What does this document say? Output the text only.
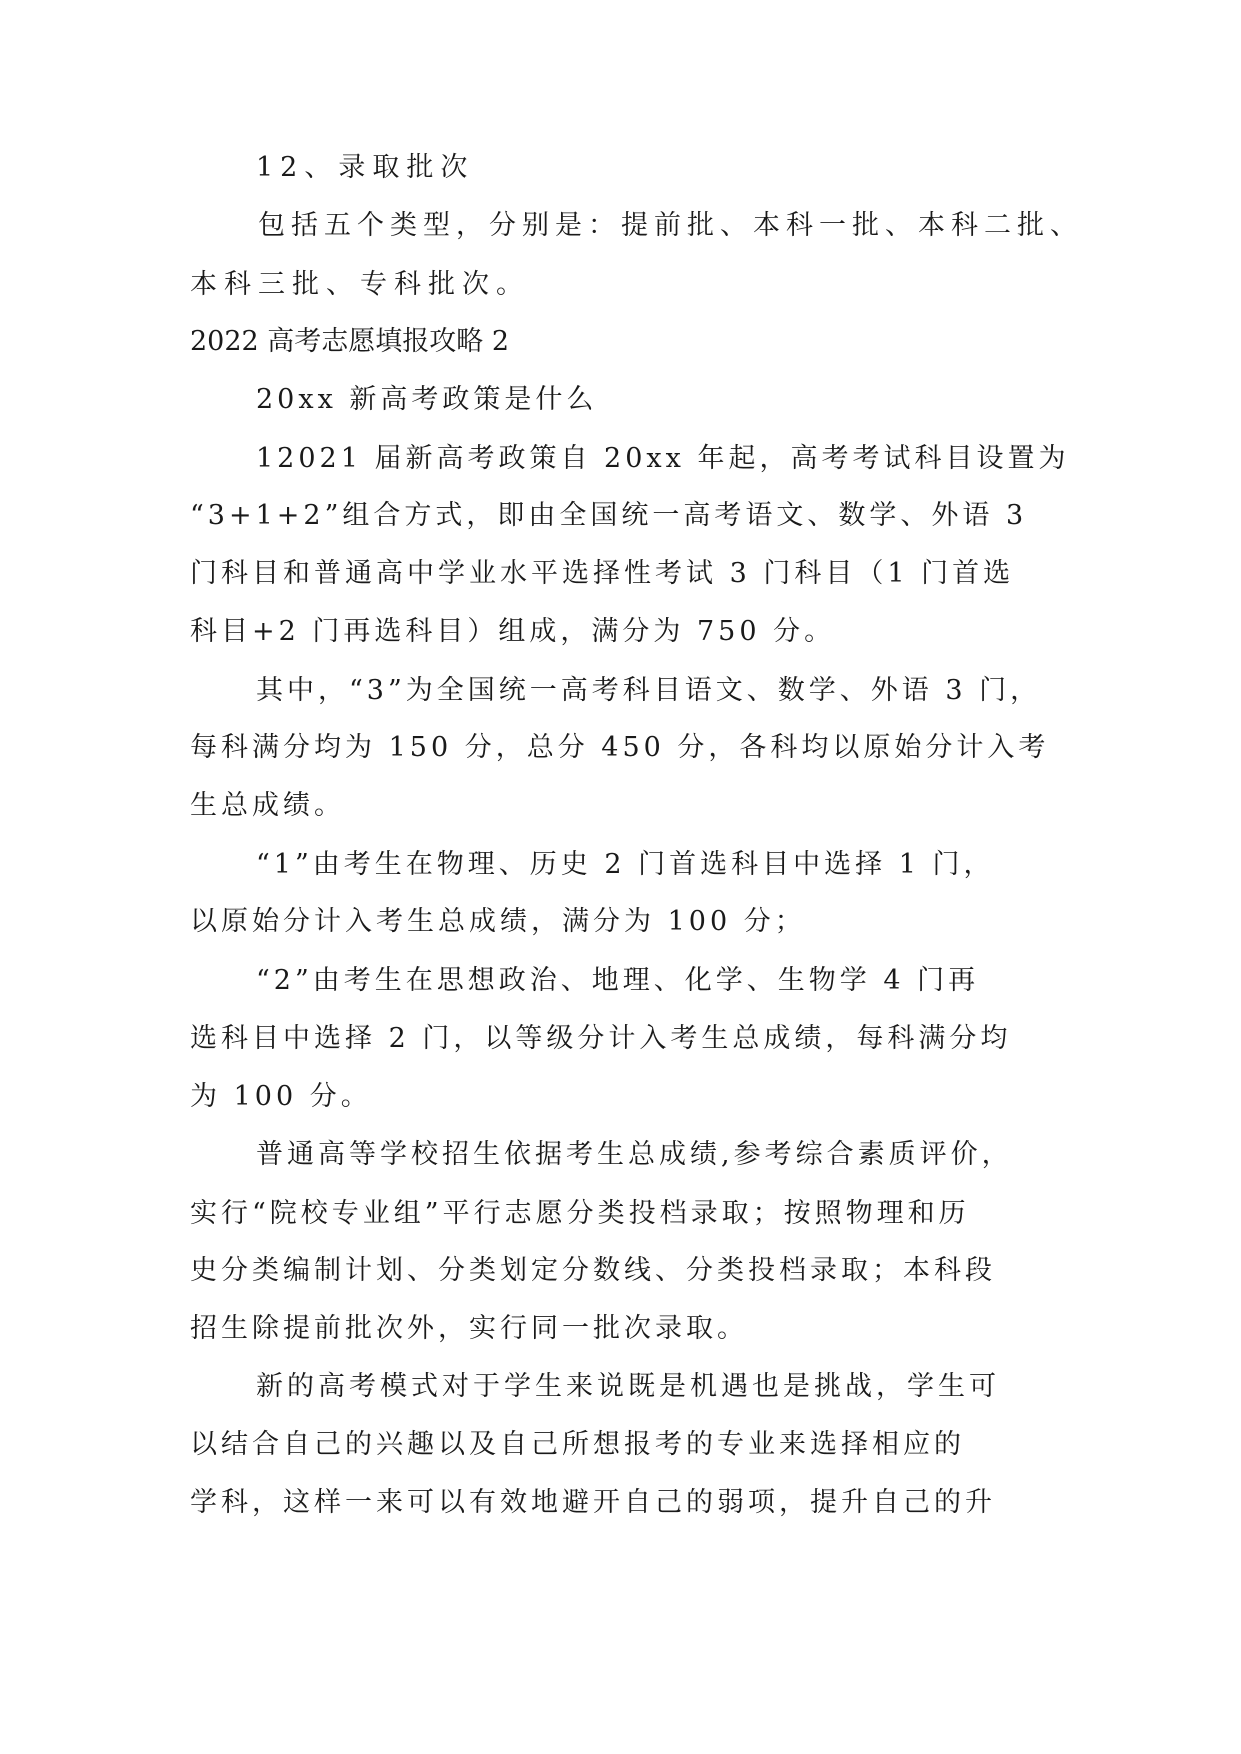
12、录取批次
包括五个类型，分别是：提前批、本科一批、本科二批、
本科三批、专科批次。
2022 高考志愿填报攻略 2
20xx 新高考政策是什么
12021 届新高考政策自 20xx 年起，高考考试科目设置为
“3+1+2”组合方式，即由全国统一高考语文、数学、外语 3
门科目和普通高中学业水平选择性考试 3 门科目（1 门首选
科目+2 门再选科目）组成，满分为 750 分。
其中，“3”为全国统一高考科目语文、数学、外语 3 门，
每科满分均为 150 分，总分 450 分，各科均以原始分计入考
生总成绩。
“1”由考生在物理、历史 2 门首选科目中选择 1 门，
以原始分计入考生总成绩，满分为 100 分；
“2”由考生在思想政治、地理、化学、生物学 4 门再
选科目中选择 2 门，以等级分计入考生总成绩，每科满分均
为 100 分。
普通高等学校招生依据考生总成绩,参考综合素质评价，
实行“院校专业组”平行志愿分类投档录取；按照物理和历
史分类编制计划、分类划定分数线、分类投档录取；本科段
招生除提前批次外，实行同一批次录取。
新的高考模式对于学生来说既是机遇也是挑战，学生可
以结合自己的兴趣以及自己所想报考的专业来选择相应的
学科，这样一来可以有效地避开自己的弱项，提升自己的升
